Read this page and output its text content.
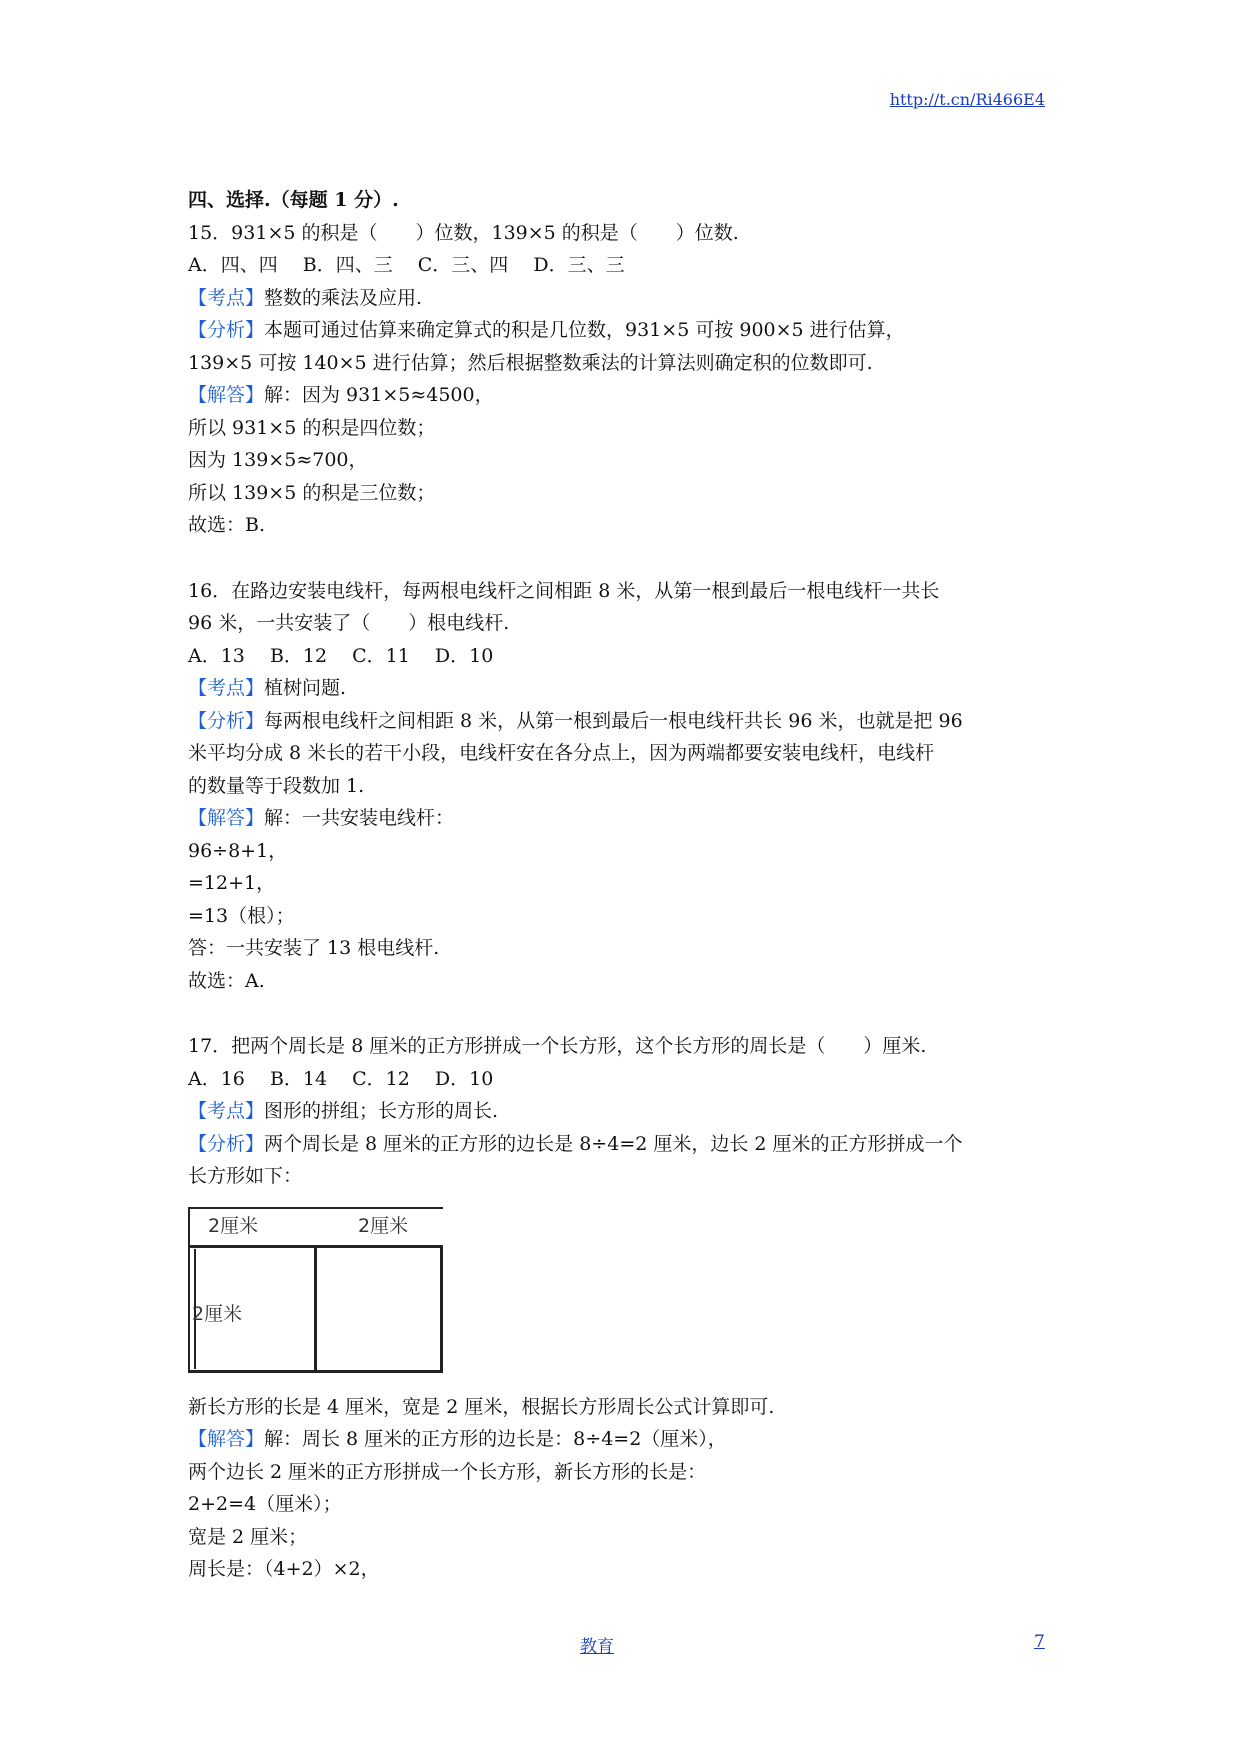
http://t.cn/Ri466E4
四、选择.（每题 1 分）.
15．931×5 的积是（　　）位数，139×5 的积是（　　）位数.
A．四、四　 B．四、三　 C．三、四　 D．三、三
【考点】整数的乘法及应用.
【分析】本题可通过估算来确定算式的积是几位数，931×5 可按 900×5 进行估算，
139×5 可按 140×5 进行估算；然后根据整数乘法的计算法则确定积的位数即可.
【解答】解：因为 931×5≈4500，
所以 931×5 的积是四位数；
因为 139×5≈700，
所以 139×5 的积是三位数；
故选：B.
16．在路边安装电线杆，每两根电线杆之间相距 8 米，从第一根到最后一根电线杆一共长
96 米，一共安装了（　　）根电线杆.
A．13　 B．12　 C．11　 D．10
【考点】植树问题.
【分析】每两根电线杆之间相距 8 米，从第一根到最后一根电线杆共长 96 米，也就是把 96
米平均分成 8 米长的若干小段，电线杆安在各分点上，因为两端都要安装电线杆，电线杆
的数量等于段数加 1.
【解答】解：一共安装电线杆：
96÷8+1，
=12+1，
=13（根）；
答：一共安装了 13 根电线杆.
故选：A.
17．把两个周长是 8 厘米的正方形拼成一个长方形，这个长方形的周长是（　　）厘米.
A．16　 B．14　 C．12　 D．10
【考点】图形的拼组；长方形的周长.
【分析】两个周长是 8 厘米的正方形的边长是 8÷4=2 厘米，边长 2 厘米的正方形拼成一个
长方形如下：
2厘米	2厘米
2厘米
新长方形的长是 4 厘米，宽是 2 厘米，根据长方形周长公式计算即可.
【解答】解：周长 8 厘米的正方形的边长是：8÷4=2（厘米），
两个边长 2 厘米的正方形拼成一个长方形，新长方形的长是：
2+2=4（厘米）；
宽是 2 厘米；
周长是：（4+2）×2，
教育	7
